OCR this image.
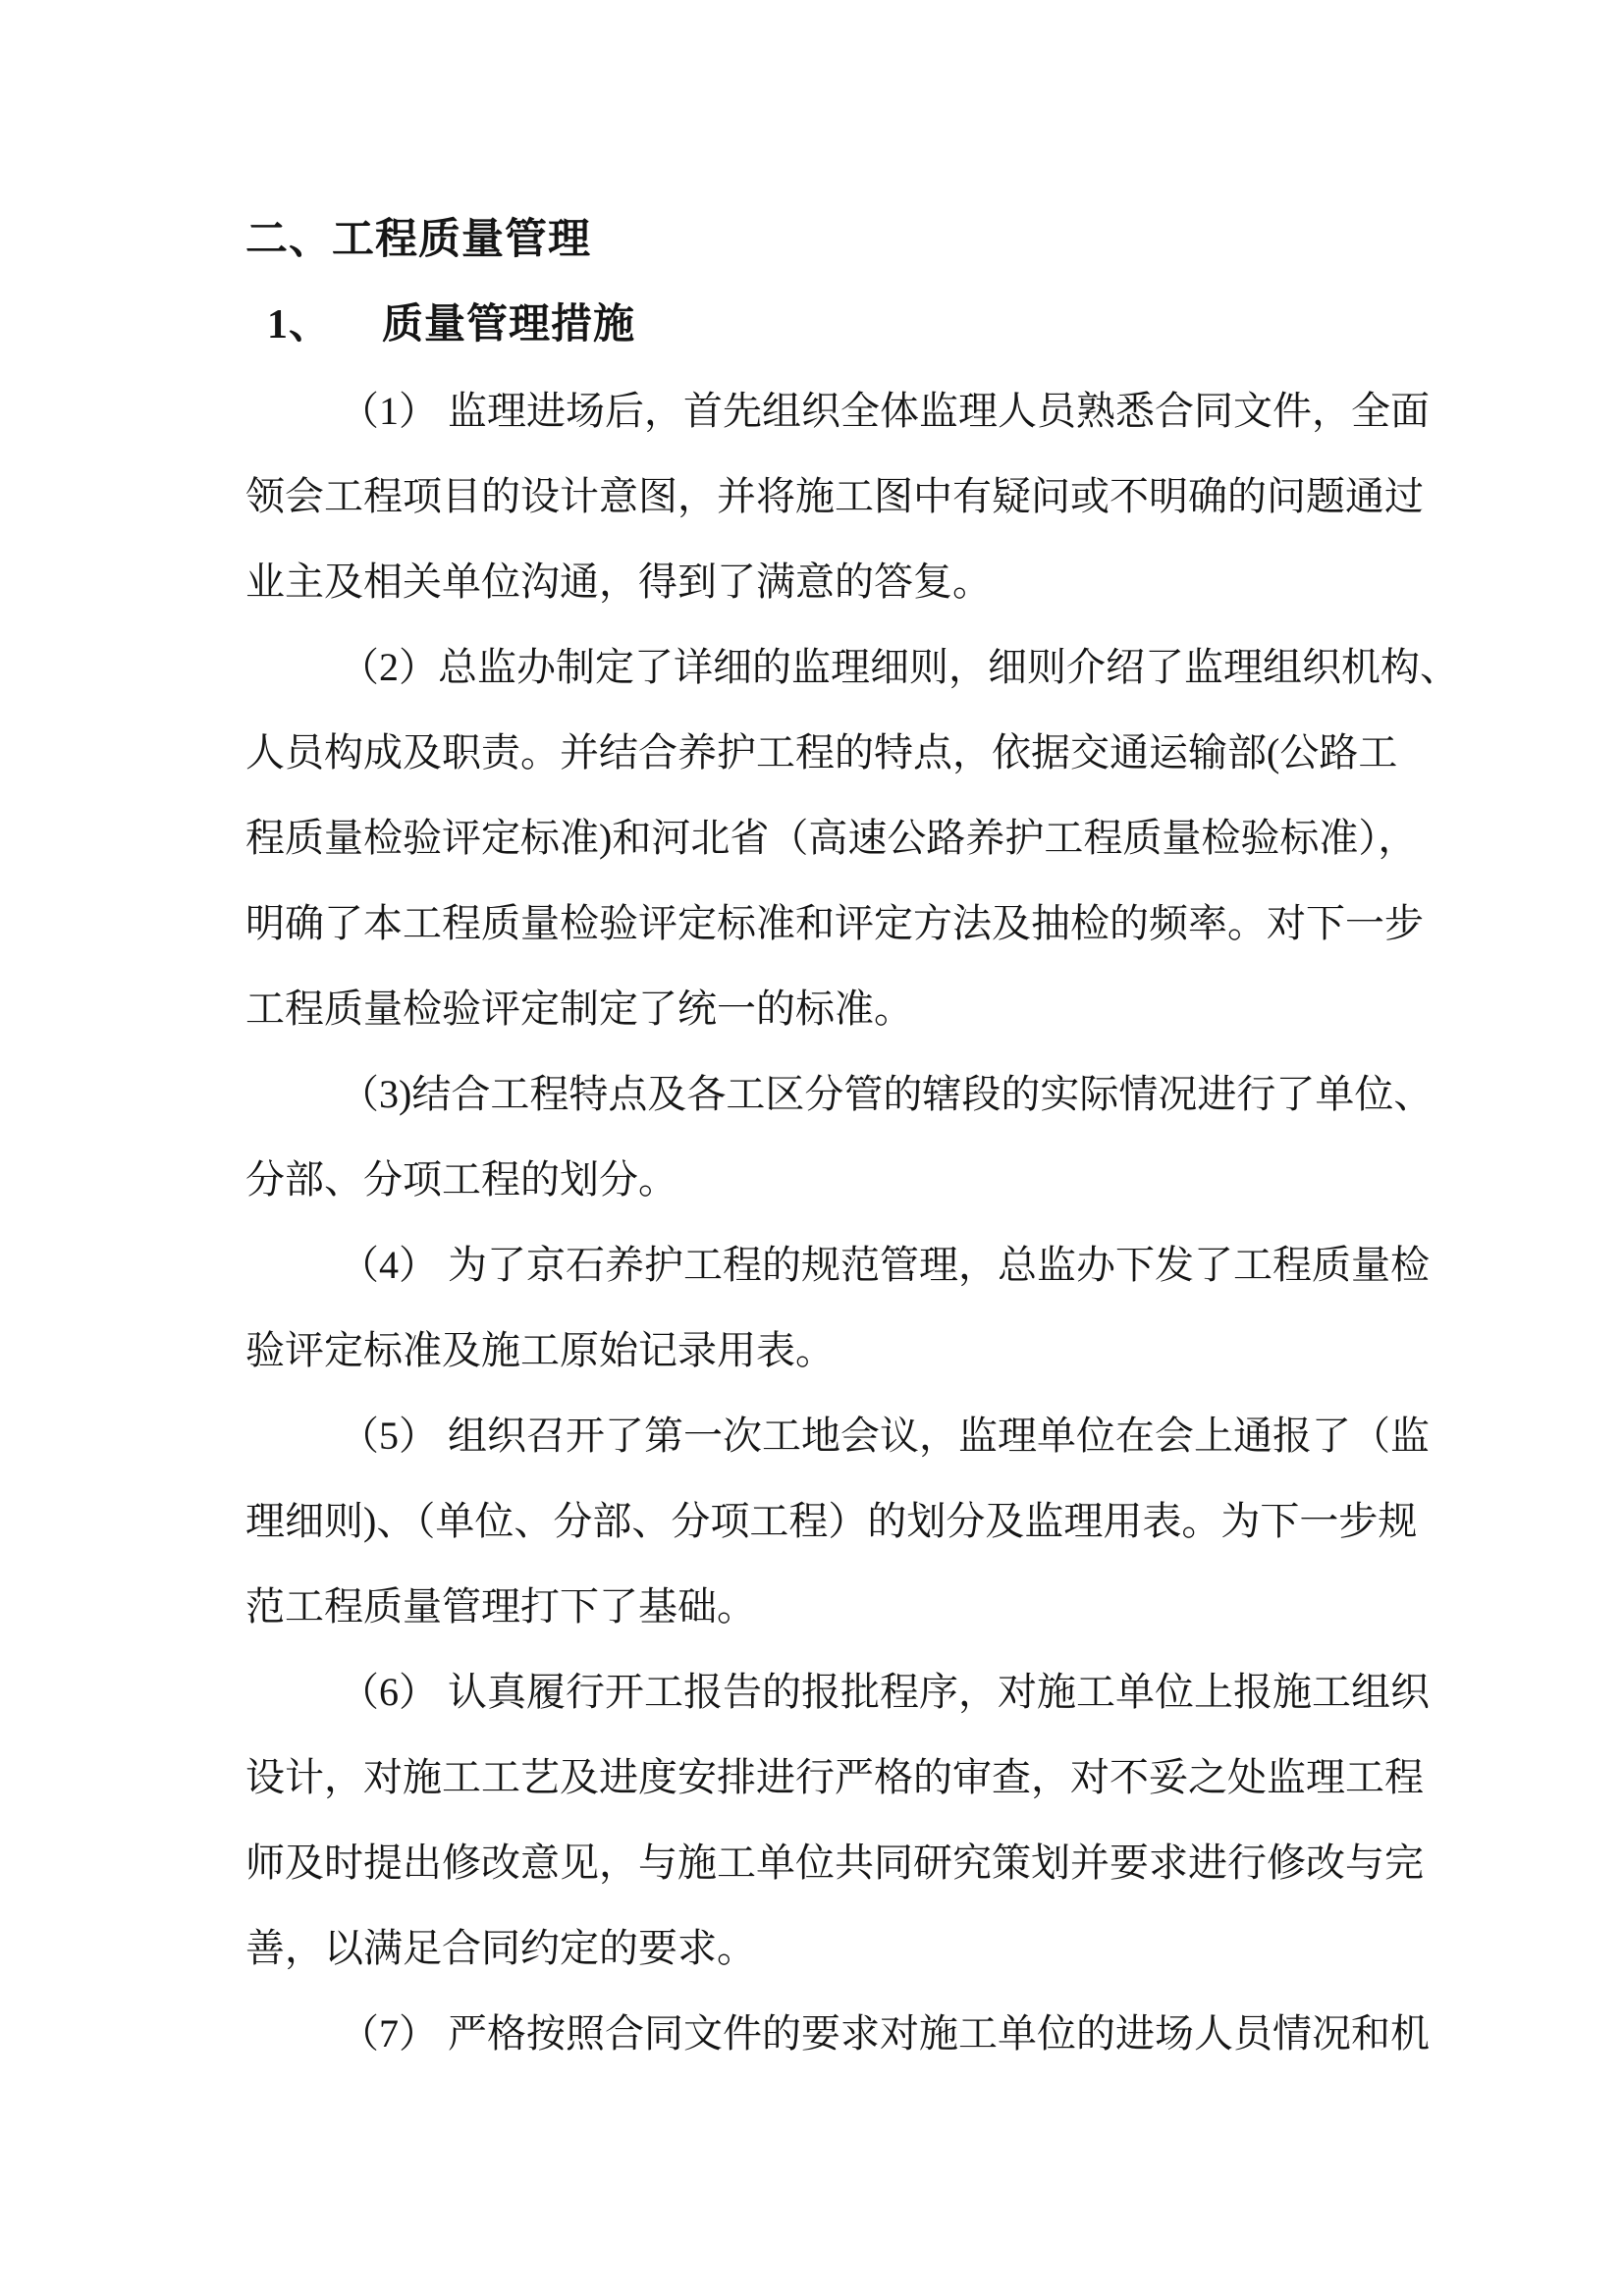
二、工程质量管理
1、 质量管理措施
（1） 监理进场后，首先组织全体监理人员熟悉合同文件，全面
领会工程项目的设计意图，并将施工图中有疑问或不明确的问题通过
业主及相关单位沟通，得到了满意的答复。
（2）总监办制定了详细的监理细则，细则介绍了监理组织机构、
人员构成及职责。并结合养护工程的特点，依据交通运输部(公路工
程质量检验评定标准)和河北省（高速公路养护工程质量检验标准），
明确了本工程质量检验评定标准和评定方法及抽检的频率。对下一步
工程质量检验评定制定了统一的标准。
（3)结合工程特点及各工区分管的辖段的实际情况进行了单位、
分部、分项工程的划分。
（4） 为了京石养护工程的规范管理，总监办下发了工程质量检
验评定标准及施工原始记录用表。
（5） 组织召开了第一次工地会议，监理单位在会上通报了（监
理细则)、（单位、分部、分项工程）的划分及监理用表。为下一步规
范工程质量管理打下了基础。
（6） 认真履行开工报告的报批程序，对施工单位上报施工组织
设计，对施工工艺及进度安排进行严格的审查，对不妥之处监理工程
师及时提出修改意见，与施工单位共同研究策划并要求进行修改与完
善，以满足合同约定的要求。
（7） 严格按照合同文件的要求对施工单位的进场人员情况和机
